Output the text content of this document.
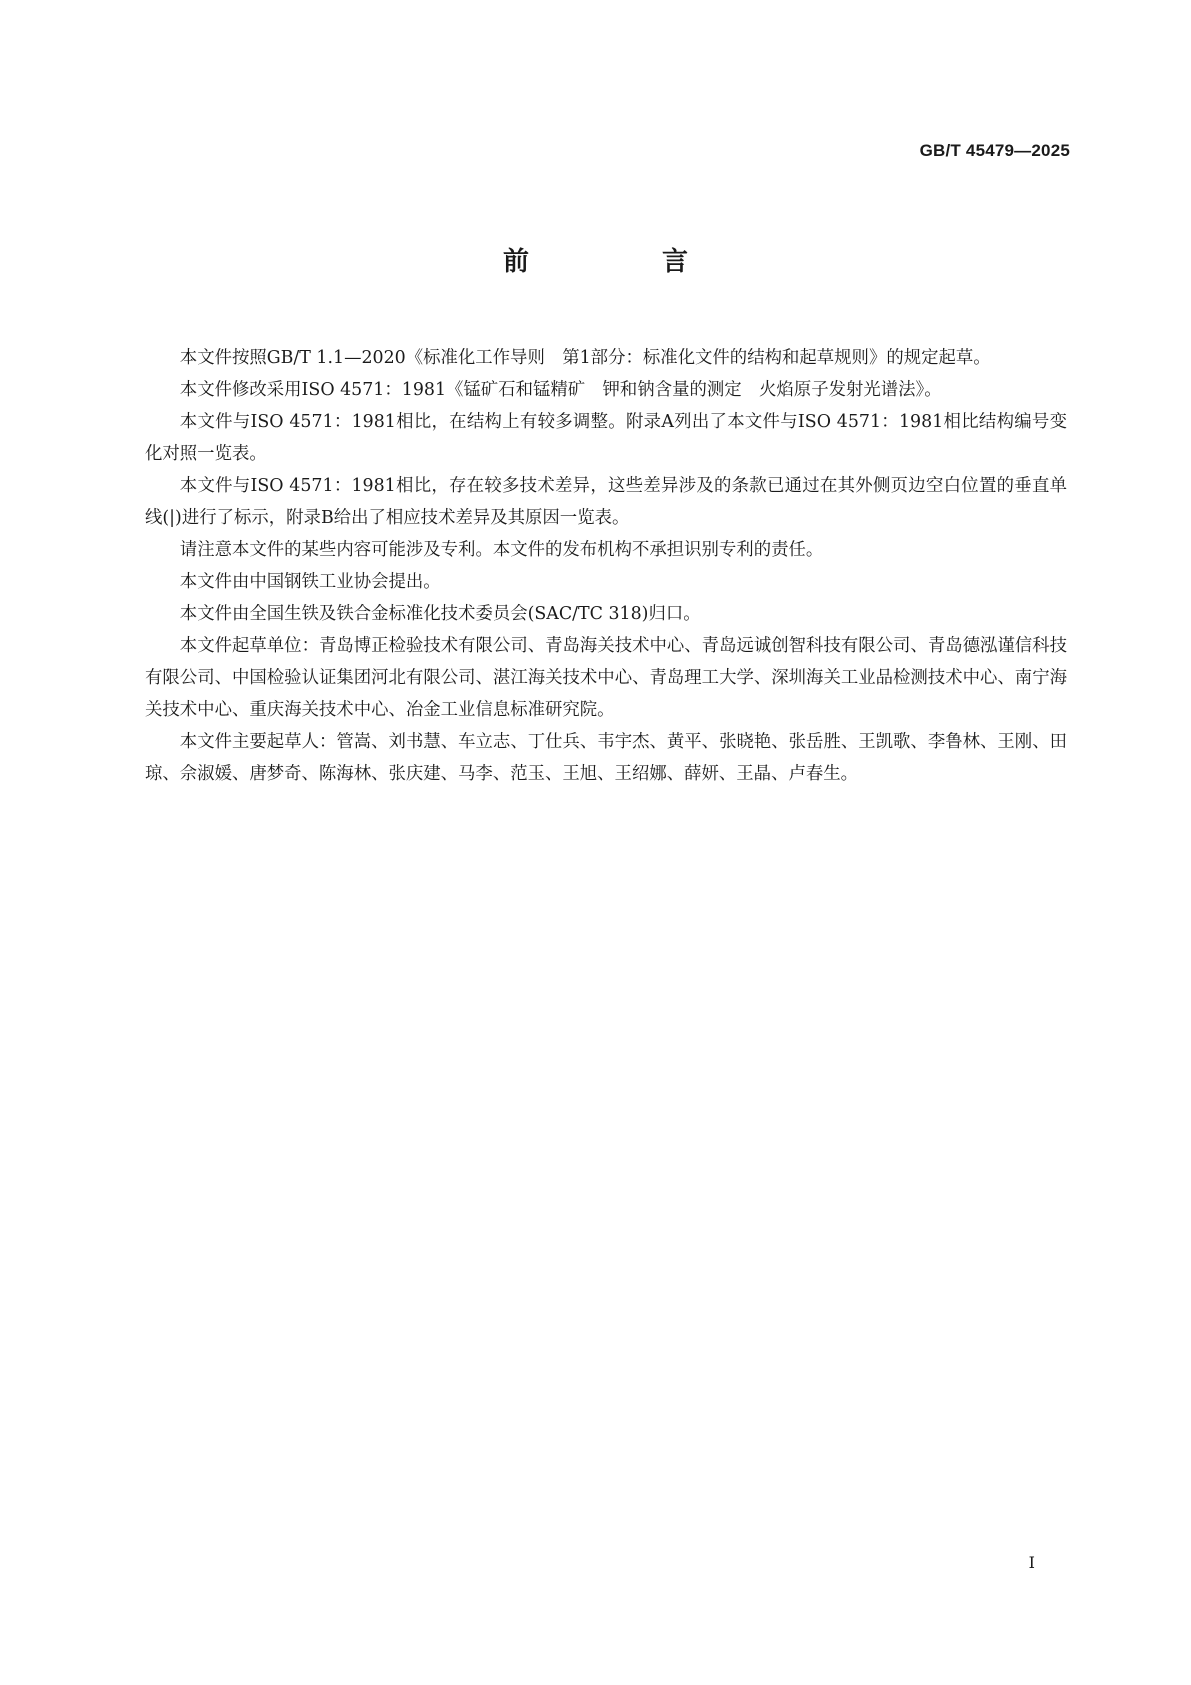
GB/T 45479—2025
前 言

本文件按照GB/T 1.1—2020《标准化工作导则　第1部分：标准化文件的结构和起草规则》的规定起草。

本文件修改采用ISO 4571：1981《锰矿石和锰精矿　钾和钠含量的测定　火焰原子发射光谱法》。

本文件与ISO 4571：1981相比，在结构上有较多调整。附录A列出了本文件与ISO 4571：1981相比结构编号变化对照一览表。

本文件与ISO 4571：1981相比，存在较多技术差异，这些差异涉及的条款已通过在其外侧页边空白位置的垂直单线(|)进行了标示，附录B给出了相应技术差异及其原因一览表。

请注意本文件的某些内容可能涉及专利。本文件的发布机构不承担识别专利的责任。

本文件由中国钢铁工业协会提出。

本文件由全国生铁及铁合金标准化技术委员会(SAC/TC 318)归口。

本文件起草单位：青岛博正检验技术有限公司、青岛海关技术中心、青岛远诚创智科技有限公司、青岛德泓谨信科技有限公司、中国检验认证集团河北有限公司、湛江海关技术中心、青岛理工大学、深圳海关工业品检测技术中心、南宁海关技术中心、重庆海关技术中心、冶金工业信息标准研究院。

本文件主要起草人：管嵩、刘书慧、车立志、丁仕兵、韦宇杰、黄平、张晓艳、张岳胜、王凯歌、李鲁林、王刚、田琼、佘淑媛、唐梦奇、陈海林、张庆建、马李、范玉、王旭、王绍娜、薛妍、王晶、卢春生。

I
